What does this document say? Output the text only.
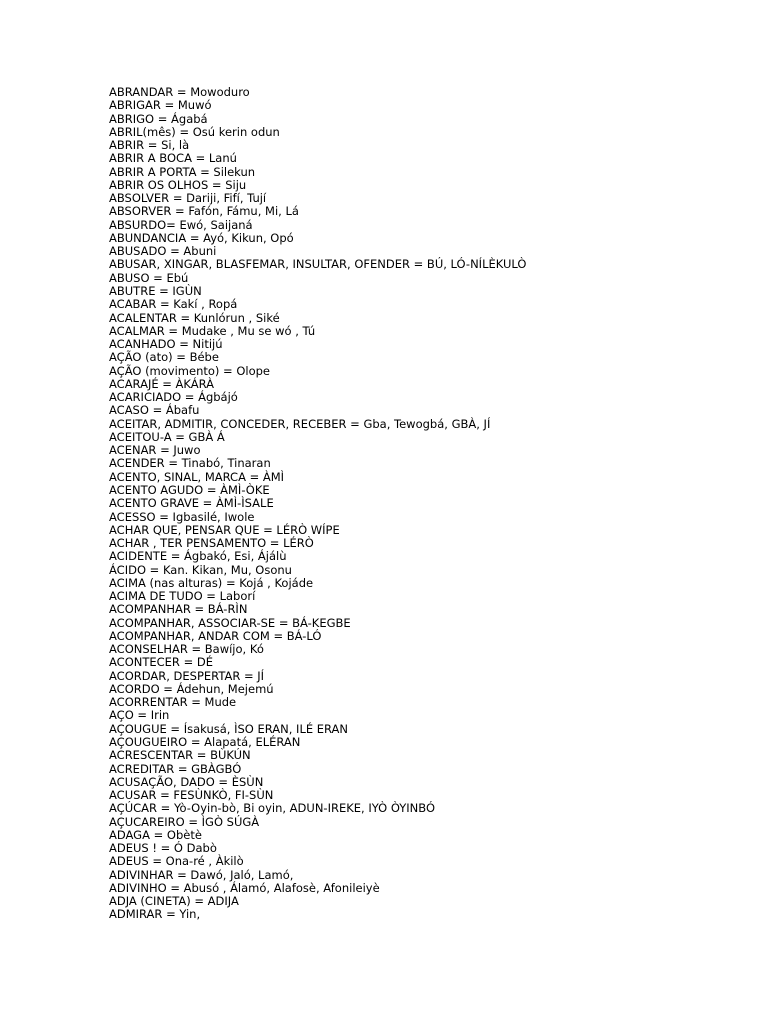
ABRANDAR = Mowoduro
ABRIGAR = Muwó
ABRIGO = Ágabá
ABRIL(mês) = Osú kerin odun
ABRIR = Si, là
ABRIR A BOCA = Lanú
ABRIR A PORTA = Silekun
ABRIR OS OLHOS = Siju
ABSOLVER = Dariji, Fifí, Tují
ABSORVER = Fafón, Fámu, Mi, Lá
ABSURDO= Ewó, Saijaná
ABUNDANCIA = Ayó, Kikun, Opó
ABUSADO = Abuni
ABUSAR, XINGAR, BLASFEMAR, INSULTAR, OFENDER = BÚ, LÓ-NÍLÈKULÒ
ABUSO = Ebú
ABUTRE = IGÙN
ACABAR = Kakí , Ropá
ACALENTAR = Kunlórun , Siké
ACALMAR = Mudake , Mu se wó , Tú
ACANHADO = Nitijú
AÇÃO (ato) = Bébe
AÇÃO (movimento) = Olope
ACARAJÉ = ÀKÁRÀ
ACARICIADO = Ágbájó
ACASO = Ábafu
ACEITAR, ADMITIR, CONCEDER, RECEBER = Gba, Tewogbá, GBÀ, JÍ
ACEITOU-A = GBÀ Á
ACENAR = Juwo
ACENDER = Tinabó, Tinaran
ACENTO, SINAL, MARCA = ÀMÌ
ACENTO AGUDO = ÀMÌ-ÒKE
ACENTO GRAVE = ÀMÌ-ÌSALE
ACESSO = Igbasilé, Iwole
ACHAR QUE, PENSAR QUE = LÉRÒ WÍPE
ACHAR , TER PENSAMENTO = LÉRÒ
ACIDENTE = Ágbakó, Esi, Ájálù
ÁCIDO = Kan. Kikan, Mu, Osonu
ACIMA (nas alturas) = Kojá , Kojáde
ACIMA DE TUDO = Laborí
ACOMPANHAR = BÁ-RÌN
ACOMPANHAR, ASSOCIAR-SE = BÁ-KEGBE
ACOMPANHAR, ANDAR COM = BÁ-LÓ
ACONSELHAR = Bawíjo, Kó
ACONTECER = DÉ
ACORDAR, DESPERTAR = JÍ
ACORDO = Ádehun, Mejemú
ACORRENTAR = Mude
AÇO = Irin
AÇOUGUE = Ísakusá, ÌSO ERAN, ILÉ ERAN
AÇOUGUEIRO = Alapatá, ELÉRAN
ACRESCENTAR = BÙKÚN
ACREDITAR = GBÀGBÓ
ACUSAÇÃO, DADO = ÈSÙN
ACUSAR = FESÙNKÒ, FI-SÙN
AÇÚCAR = Yò-Oyin-bò, Bi oyin, ADUN-IREKE, IYÒ ÒYINBÓ
AÇUCAREIRO = ÌGÒ SÚGÀ
ADAGA = Obètè
ADEUS ! = Ó Dabò
ADEUS = Ona-ré , Àkilò
ADIVINHAR = Dawó, Jaló, Lamó,
ADIVINHO = Abusó , Álamó, Alafosè, Afonileiyè
ADJA (CINETA) = ADIJA
ADMIRAR = Yin,
